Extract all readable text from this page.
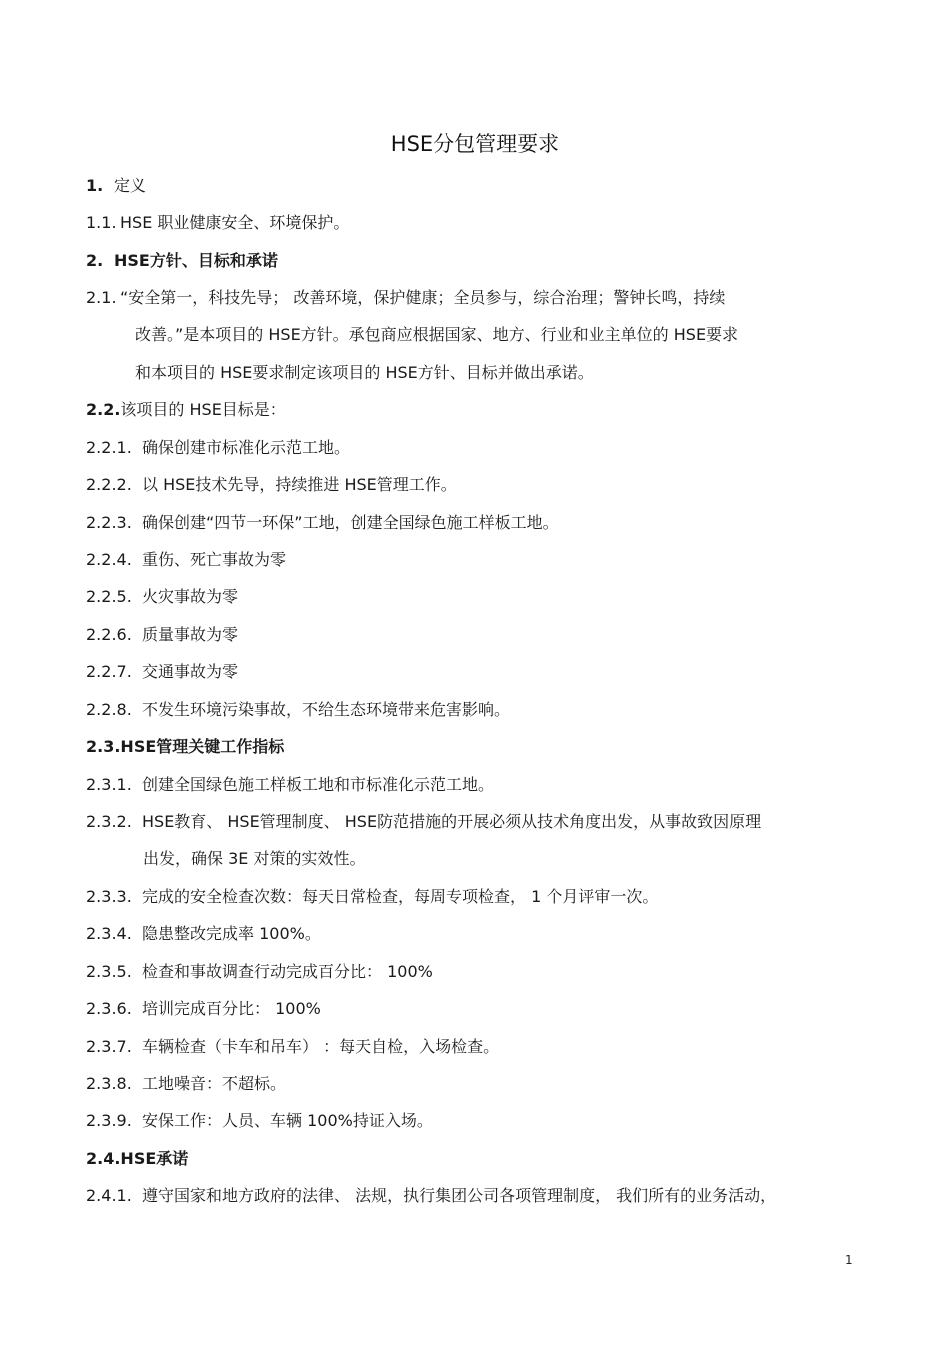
HSE分包管理要求
1. 定义
1.1. HSE 职业健康安全、环境保护。
2. HSE方针、目标和承诺
2.1. “安全第一，科技先导； 改善环境，保护健康；全员参与，综合治理；警钟长鸣，持续
改善。”是本项目的 HSE方针。承包商应根据国家、地方、行业和业主单位的 HSE要求
和本项目的 HSE要求制定该项目的 HSE方针、目标并做出承诺。
2.2.该项目的 HSE目标是：
2.2.1. 确保创建市标准化示范工地。
2.2.2. 以 HSE技术先导，持续推进 HSE管理工作。
2.2.3. 确保创建“四节一环保”工地，创建全国绿色施工样板工地。
2.2.4. 重伤、死亡事故为零
2.2.5. 火灾事故为零
2.2.6. 质量事故为零
2.2.7. 交通事故为零
2.2.8. 不发生环境污染事故，不给生态环境带来危害影响。
2.3.HSE管理关键工作指标
2.3.1. 创建全国绿色施工样板工地和市标准化示范工地。
2.3.2. HSE教育、 HSE管理制度、 HSE防范措施的开展必须从技术角度出发，从事故致因原理
出发，确保 3E 对策的实效性。
2.3.3. 完成的安全检查次数：每天日常检查，每周专项检查， 1 个月评审一次。
2.3.4. 隐患整改完成率 100%。
2.3.5. 检查和事故调查行动完成百分比： 100%
2.3.6. 培训完成百分比： 100%
2.3.7. 车辆检查（卡车和吊车） ：每天自检，入场检查。
2.3.8. 工地噪音：不超标。
2.3.9. 安保工作：人员、车辆 100%持证入场。
2.4.HSE承诺
2.4.1. 遵守国家和地方政府的法律、 法规，执行集团公司各项管理制度， 我们所有的业务活动，
1
